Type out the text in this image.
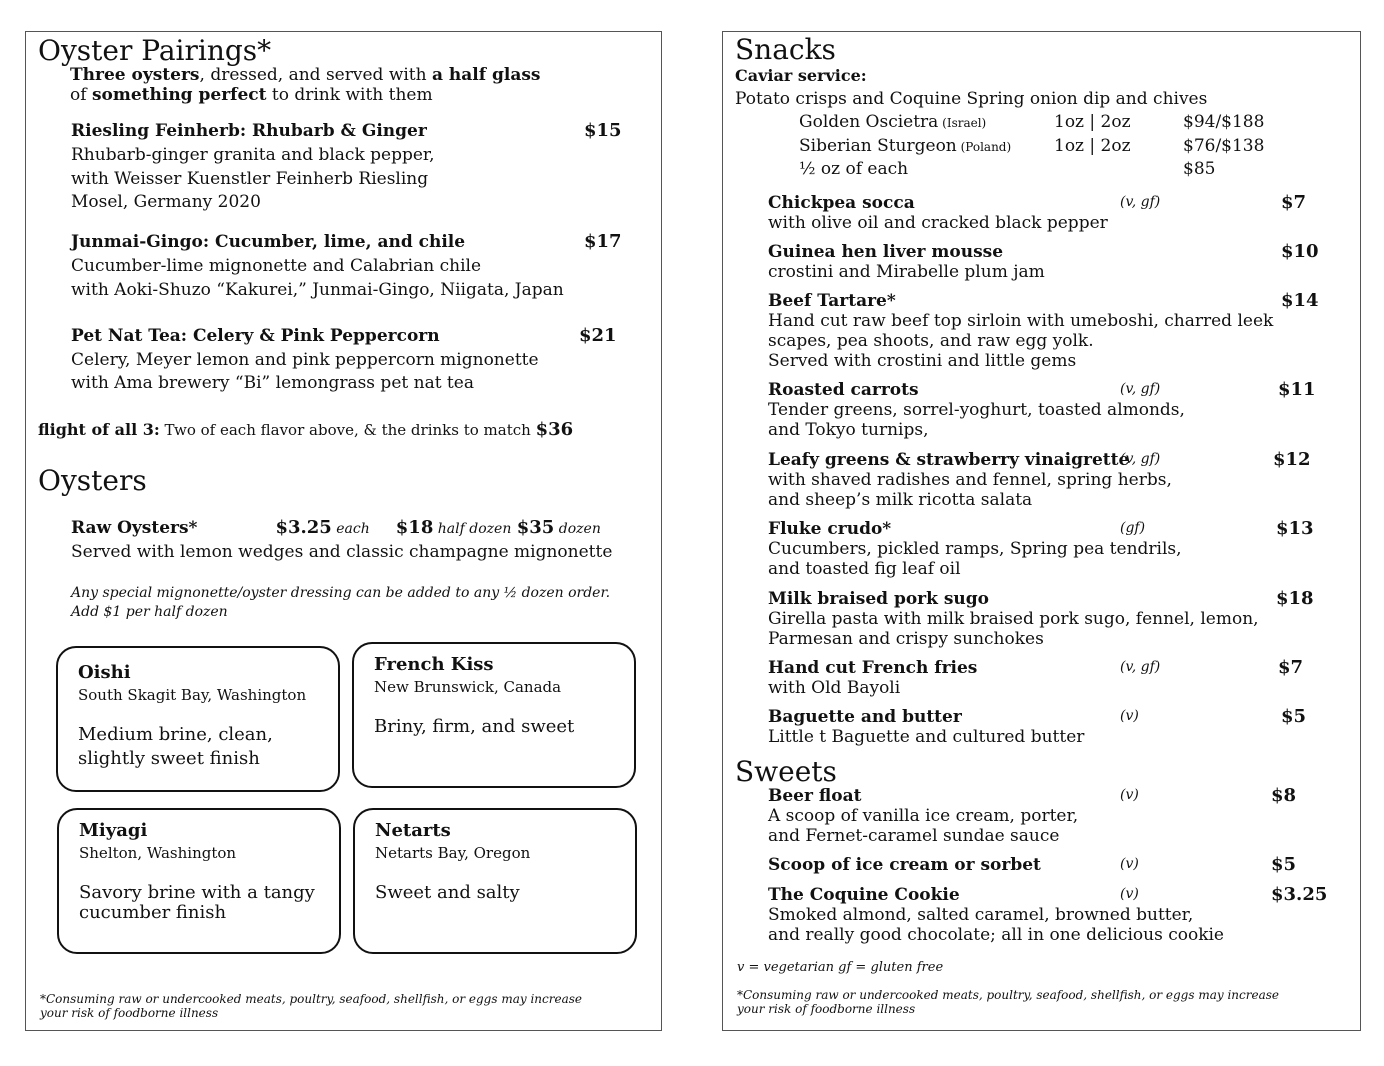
Oyster Pairings*
Three oysters, dressed, and served with a half glass
of something perfect to drink with them
Riesling Feinherb: Rhubarb & Ginger	$15
Rhubarb-ginger granita and black pepper,
with Weisser Kuenstler Feinherb Riesling
Mosel, Germany 2020
Junmai-Gingo: Cucumber, lime, and chile	$17
Cucumber-lime mignonette and Calabrian chile
with Aoki-Shuzo “Kakurei,” Junmai-Gingo, Niigata, Japan
Pet Nat Tea: Celery & Pink Peppercorn	$21
Celery, Meyer lemon and pink peppercorn mignonette
with Ama brewery “Bi” lemongrass pet nat tea
flight of all 3: Two of each flavor above, & the drinks to match $36
Oysters
Raw Oysters*	$3.25 each $18 half dozen $35 dozen
Served with lemon wedges and classic champagne mignonette
Any special mignonette/oyster dressing can be added to any ½ dozen order.
Add $1 per half dozen
Oishi
South Skagit Bay, Washington
Medium brine, clean,
slightly sweet finish
French Kiss
New Brunswick, Canada
Briny, firm, and sweet
Miyagi
Shelton, Washington
Savory brine with a tangy
cucumber finish
Netarts
Netarts Bay, Oregon
Sweet and salty
*Consuming raw or undercooked meats, poultry, seafood, shellfish, or eggs may increase
your risk of foodborne illness
Snacks
Caviar service:
Potato crisps and Coquine Spring onion dip and chives
Golden Oscietra (Israel)	1oz | 2oz	$94/$188
Siberian Sturgeon (Poland)	1oz | 2oz	$76/$138
½ oz of each	$85
Sweets
v = vegetarian gf = gluten free
*Consuming raw or undercooked meats, poultry, seafood, shellfish, or eggs may increase
your risk of foodborne illness
Chickpea socca	(v, gf)	$7
with olive oil and cracked black pepper
Guinea hen liver mousse	$10
crostini and Mirabelle plum jam
Beef Tartare*	$14
Hand cut raw beef top sirloin with umeboshi, charred leek
scapes, pea shoots, and raw egg yolk.
Served with crostini and little gems
Roasted carrots	(v, gf)	$11
Tender greens, sorrel-yoghurt, toasted almonds,
and Tokyo turnips,
Leafy greens & strawberry vinaigrette
(v, gf)	$12
with shaved radishes and fennel, spring herbs,
and sheep’s milk ricotta salata
Fluke crudo*	(gf)	$13
Cucumbers, pickled ramps, Spring pea tendrils,
and toasted fig leaf oil
Milk braised pork sugo	$18
Girella pasta with milk braised pork sugo, fennel, lemon,
Parmesan and crispy sunchokes
Hand cut French fries	(v, gf)	$7
with Old Bayoli
Baguette and butter	(v)	$5
Little t Baguette and cultured butter
Beer float	(v)	$8
A scoop of vanilla ice cream, porter,
and Fernet-caramel sundae sauce
Scoop of ice cream or sorbet	(v)	$5
The Coquine Cookie	(v)	$3.25
Smoked almond, salted caramel, browned butter,
and really good chocolate; all in one delicious cookie
